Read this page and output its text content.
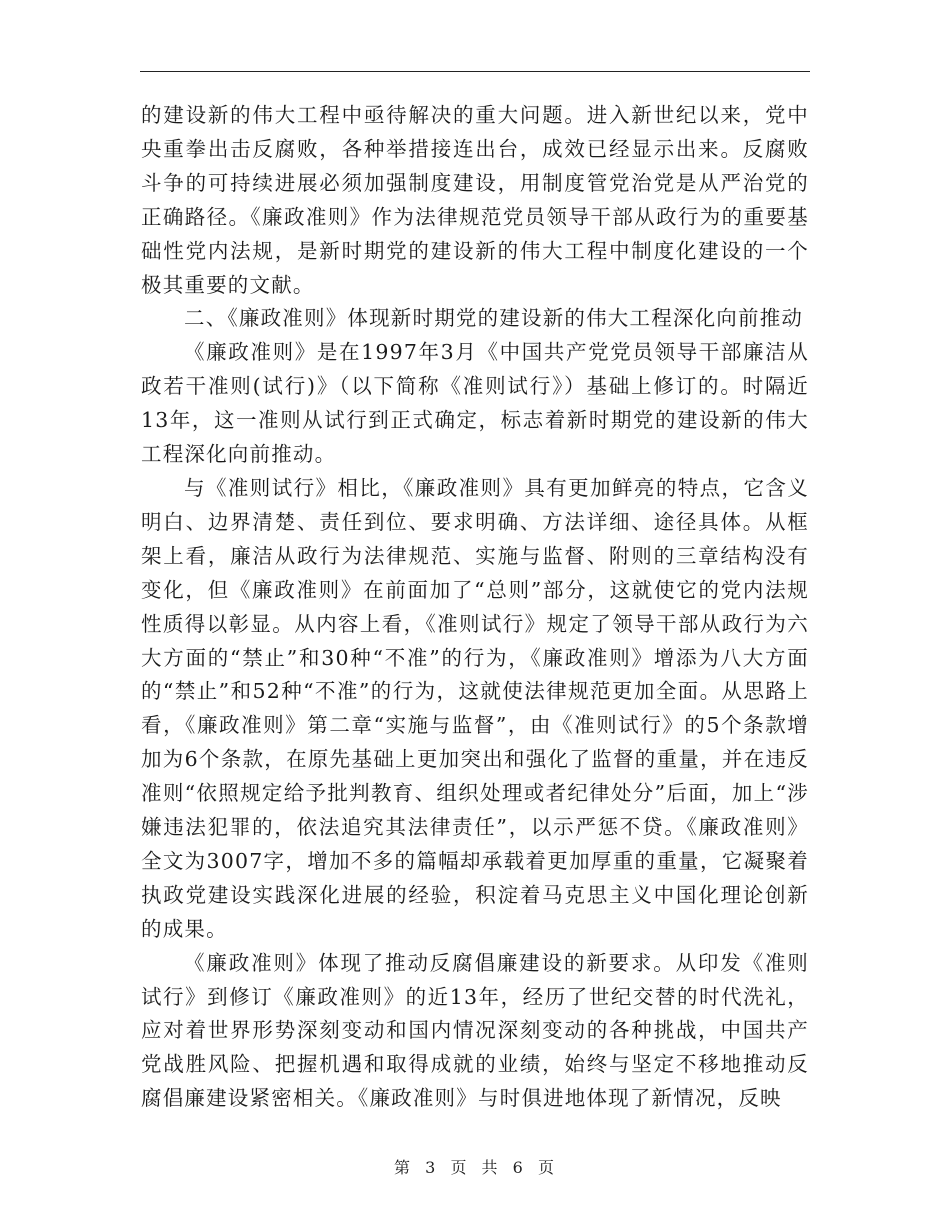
的建设新的伟大工程中亟待解决的重大问题。进入新世纪以来，党中央重拳出击反腐败，各种举措接连出台，成效已经显示出来。反腐败斗争的可持续进展必须加强制度建设，用制度管党治党是从严治党的正确路径。《廉政准则》作为法律规范党员领导干部从政行为的重要基础性党内法规，是新时期党的建设新的伟大工程中制度化建设的一个极其重要的文献。

二、《廉政准则》体现新时期党的建设新的伟大工程深化向前推动

《廉政准则》是在1997年3月《中国共产党党员领导干部廉洁从政若干准则(试行)》（以下简称《准则试行》）基础上修订的。时隔近13年，这一准则从试行到正式确定，标志着新时期党的建设新的伟大工程深化向前推动。

与《准则试行》相比，《廉政准则》具有更加鲜亮的特点，它含义明白、边界清楚、责任到位、要求明确、方法详细、途径具体。从框架上看，廉洁从政行为法律规范、实施与监督、附则的三章结构没有变化，但《廉政准则》在前面加了“总则”部分，这就使它的党内法规性质得以彰显。从内容上看，《准则试行》规定了领导干部从政行为六大方面的“禁止”和30种“不准”的行为，《廉政准则》增添为八大方面的“禁止”和52种“不准”的行为，这就使法律规范更加全面。从思路上看，《廉政准则》第二章“实施与监督”，由《准则试行》的5个条款增加为6个条款，在原先基础上更加突出和强化了监督的重量，并在违反准则“依照规定给予批判教育、组织处理或者纪律处分”后面，加上“涉嫌违法犯罪的，依法追究其法律责任”，以示严惩不贷。《廉政准则》全文为3007字，增加不多的篇幅却承载着更加厚重的重量，它凝聚着执政党建设实践深化进展的经验，积淀着马克思主义中国化理论创新的成果。

《廉政准则》体现了推动反腐倡廉建设的新要求。从印发《准则试行》到修订《廉政准则》的近13年，经历了世纪交替的时代洗礼，应对着世界形势深刻变动和国内情况深刻变动的各种挑战，中国共产党战胜风险、把握机遇和取得成就的业绩，始终与坚定不移地推动反腐倡廉建设紧密相关。《廉政准则》与时俱进地体现了新情况，反映

第 3 页 共 6 页
